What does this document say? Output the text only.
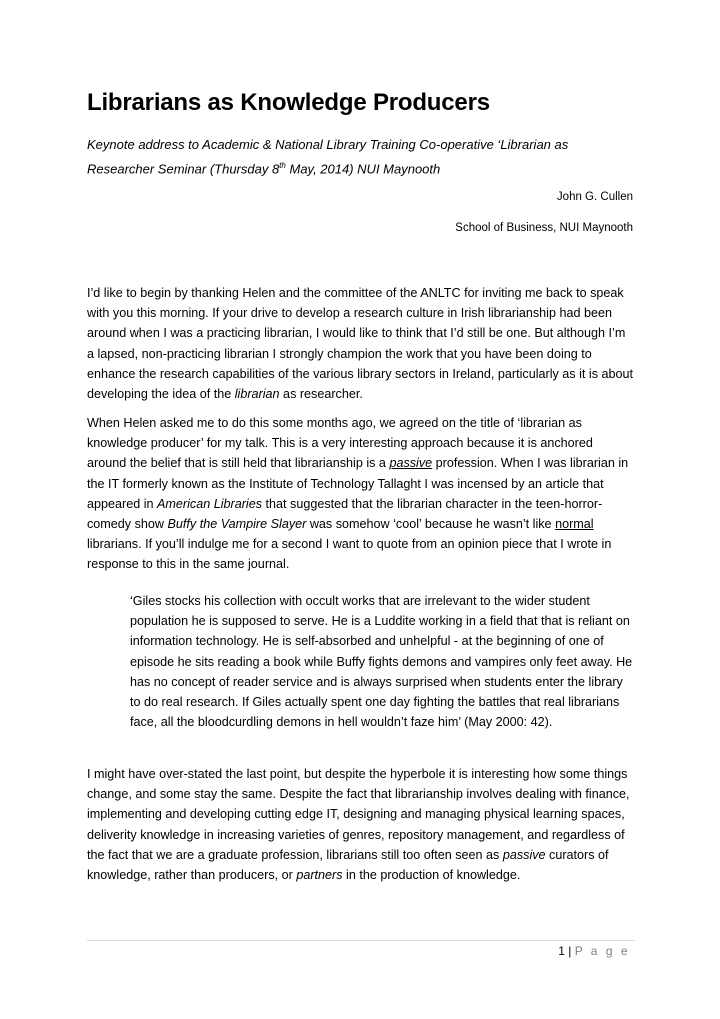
Librarians as Knowledge Producers

Keynote address to Academic & National Library Training Co-operative ‘Librarian as
Researcher Seminar (Thursday 8th May, 2014) NUI Maynooth

John G. Cullen
School of Business, NUI Maynooth

I’d like to begin by thanking Helen and the committee of the ANLTC for inviting me back to speak with you this morning. If your drive to develop a research culture in Irish librarianship had been around when I was a practicing librarian, I would like to think that I’d still be one. But although I’m a lapsed, non-practicing librarian I strongly champion the work that you have been doing to enhance the research capabilities of the various library sectors in Ireland, particularly as it is about developing the idea of the librarian as researcher.

When Helen asked me to do this some months ago, we agreed on the title of ‘librarian as knowledge producer’ for my talk. This is a very interesting approach because it is anchored around the belief that is still held that librarianship is a passive profession. When I was librarian in the IT formerly known as the Institute of Technology Tallaght I was incensed by an article that appeared in American Libraries that suggested that the librarian character in the teen-horror-comedy show Buffy the Vampire Slayer was somehow ‘cool’ because he wasn’t like normal librarians. If you’ll indulge me for a second I want to quote from an opinion piece that I wrote in response to this in the same journal.

‘Giles stocks his collection with occult works that are irrelevant to the wider student population he is supposed to serve. He is a Luddite working in a field that that is reliant on information technology. He is self-absorbed and unhelpful - at the beginning of one of episode he sits reading a book while Buffy fights demons and vampires only feet away. He has no concept of reader service and is always surprised when students enter the library to do real research. If Giles actually spent one day fighting the battles that real librarians face, all the bloodcurdling demons in hell wouldn’t faze him’ (May 2000: 42).

I might have over-stated the last point, but despite the hyperbole it is interesting how some things change, and some stay the same. Despite the fact that librarianship involves dealing with finance, implementing and developing cutting edge IT, designing and managing physical learning spaces, deliverity knowledge in increasing varieties of genres, repository management, and regardless of the fact that we are a graduate profession, librarians still too often seen as passive curators of knowledge, rather than producers, or partners in the production of knowledge.

1 | P a g e
